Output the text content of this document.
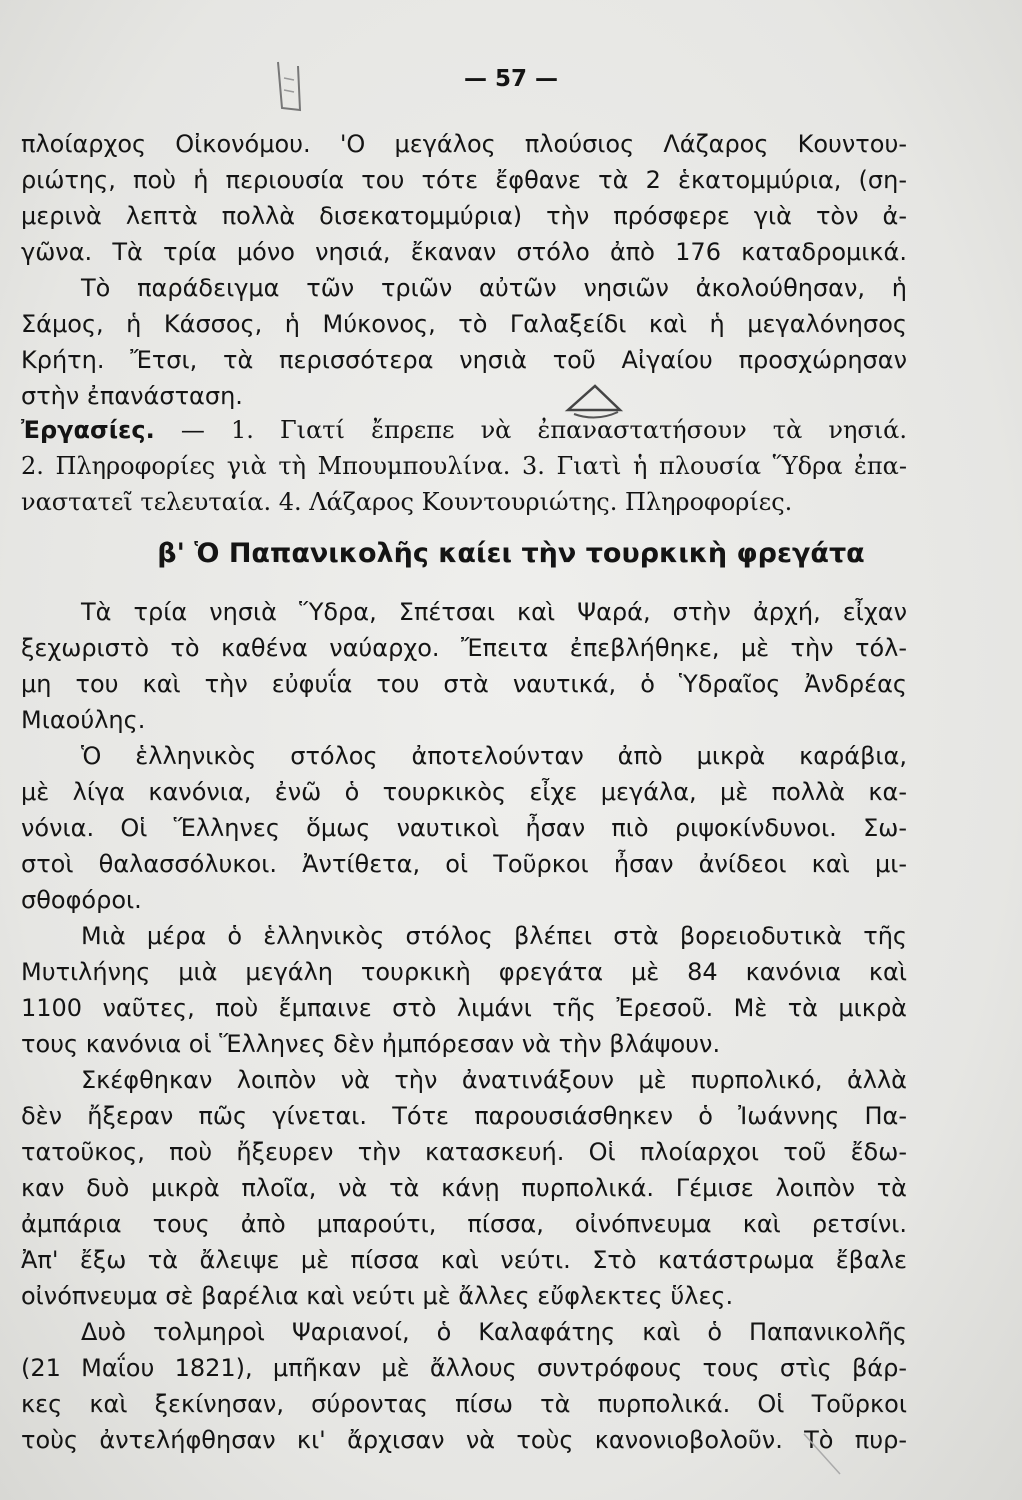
— 57 —
πλοίαρχος Οἰκονόμου. 'Ο μεγάλος πλούσιος Λάζαρος Κουντου-
ριώτης, ποὺ ἡ περιουσία του τότε ἔφθανε τὰ 2 ἑκατομμύρια, (ση-
μερινὰ λεπτὰ πολλὰ δισεκατομμύρια) τὴν πρόσφερε γιὰ τὸν ἀ-
γῶνα. Τὰ τρία μόνο νησιά, ἔκαναν στόλο ἀπὸ 176 καταδρομικά.
Τὸ παράδειγμα τῶν τριῶν αὐτῶν νησιῶν ἀκολούθησαν, ἡ
Σάμος, ἡ Κάσσος, ἡ Μύκονος, τὸ Γαλαξείδι καὶ ἡ μεγαλόνησος
Κρήτη. Ἔτσι, τὰ περισσότερα νησιὰ τοῦ Αἰγαίου προσχώρησαν
στὴν ἐπανάσταση.
Ἐργασίες. — 1. Γιατί ἔπρεπε νὰ ἐπαναστατήσουν τὰ νησιά.
2. Πληροφορίες γιὰ τὴ Μπουμπουλίνα. 3. Γιατὶ ἡ πλουσία Ὕδρα ἐπα-
ναστατεῖ τελευταία. 4. Λάζαρος Κουντουριώτης. Πληροφορίες.
β' Ὁ Παπανικολῆς καίει τὴν τουρκικὴ φρεγάτα
Τὰ τρία νησιὰ Ὕδρα, Σπέτσαι καὶ Ψαρά, στὴν ἀρχή, εἶχαν
ξεχωριστὸ τὸ καθένα ναύαρχο. Ἔπειτα ἐπεβλήθηκε, μὲ τὴν τόλ-
μη του καὶ τὴν εὐφυΐα του στὰ ναυτικά, ὁ Ὑδραῖος Ἀνδρέας
Μιαούλης.
Ὁ ἑλληνικὸς στόλος ἀποτελούνταν ἀπὸ μικρὰ καράβια,
μὲ λίγα κανόνια, ἐνῶ ὁ τουρκικὸς εἶχε μεγάλα, μὲ πολλὰ κα-
νόνια. Οἱ Ἕλληνες ὅμως ναυτικοὶ ἦσαν πιὸ ριψοκίνδυνοι. Σω-
στοὶ θαλασσόλυκοι. Ἀντίθετα, οἱ Τοῦρκοι ἦσαν ἀνίδεοι καὶ μι-
σθοφόροι.
Μιὰ μέρα ὁ ἑλληνικὸς στόλος βλέπει στὰ βορειοδυτικὰ τῆς
Μυτιλήνης μιὰ μεγάλη τουρκικὴ φρεγάτα μὲ 84 κανόνια καὶ
1100 ναῦτες, ποὺ ἔμπαινε στὸ λιμάνι τῆς Ἐρεσοῦ. Μὲ τὰ μικρὰ
τους κανόνια οἱ Ἕλληνες δὲν ἠμπόρεσαν νὰ τὴν βλάψουν.
Σκέφθηκαν λοιπὸν νὰ τὴν ἀνατινάξουν μὲ πυρπολικό, ἀλλὰ
δὲν ἤξεραν πῶς γίνεται. Τότε παρουσιάσθηκεν ὁ Ἰωάννης Πα-
τατοῦκος, ποὺ ἤξευρεν τὴν κατασκευή. Οἱ πλοίαρχοι τοῦ ἔδω-
καν δυὸ μικρὰ πλοῖα, νὰ τὰ κάνῃ πυρπολικά. Γέμισε λοιπὸν τὰ
ἀμπάρια τους ἀπὸ μπαρούτι, πίσσα, οἰνόπνευμα καὶ ρετσίνι.
Ἀπ' ἔξω τὰ ἄλειψε μὲ πίσσα καὶ νεύτι. Στὸ κατάστρωμα ἔβαλε
οἰνόπνευμα σὲ βαρέλια καὶ νεύτι μὲ ἄλλες εὔφλεκτες ὕλες.
Δυὸ τολμηροὶ Ψαριανοί, ὁ Καλαφάτης καὶ ὁ Παπανικολῆς
(21 Μαΐου 1821), μπῆκαν μὲ ἄλλους συντρόφους τους στὶς βάρ-
κες καὶ ξεκίνησαν, σύροντας πίσω τὰ πυρπολικά. Οἱ Τοῦρκοι
τοὺς ἀντελήφθησαν κι' ἄρχισαν νὰ τοὺς κανονιοβολοῦν. Τὸ πυρ-
